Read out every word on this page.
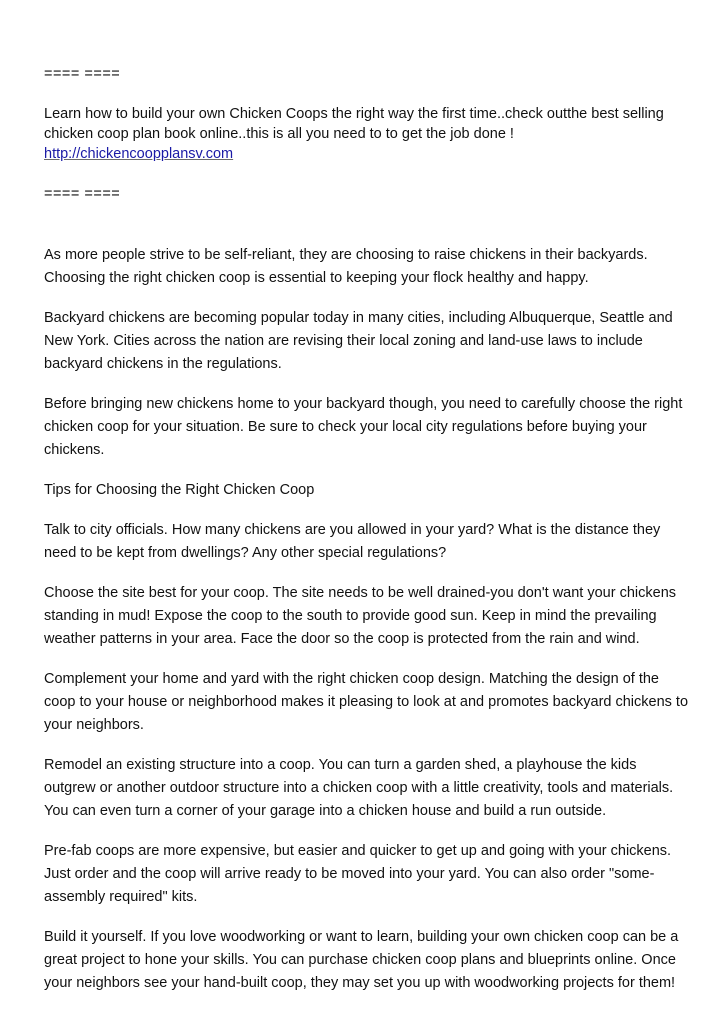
==== ====

Learn how to build your own Chicken Coops the right way the first time..check outthe best selling chicken coop plan book online..this is all you need to to get the job done !
http://chickencoopplansv.com

==== ====

As more people strive to be self-reliant, they are choosing to raise chickens in their backyards. Choosing the right chicken coop is essential to keeping your flock healthy and happy.

Backyard chickens are becoming popular today in many cities, including Albuquerque, Seattle and New York. Cities across the nation are revising their local zoning and land-use laws to include backyard chickens in the regulations.

Before bringing new chickens home to your backyard though, you need to carefully choose the right chicken coop for your situation. Be sure to check your local city regulations before buying your chickens.

Tips for Choosing the Right Chicken Coop

Talk to city officials. How many chickens are you allowed in your yard? What is the distance they need to be kept from dwellings? Any other special regulations?

Choose the site best for your coop. The site needs to be well drained-you don't want your chickens standing in mud! Expose the coop to the south to provide good sun. Keep in mind the prevailing weather patterns in your area. Face the door so the coop is protected from the rain and wind.

Complement your home and yard with the right chicken coop design. Matching the design of the coop to your house or neighborhood makes it pleasing to look at and promotes backyard chickens to your neighbors.

Remodel an existing structure into a coop. You can turn a garden shed, a playhouse the kids outgrew or another outdoor structure into a chicken coop with a little creativity, tools and materials. You can even turn a corner of your garage into a chicken house and build a run outside.

Pre-fab coops are more expensive, but easier and quicker to get up and going with your chickens. Just order and the coop will arrive ready to be moved into your yard. You can also order "some-assembly required" kits.

Build it yourself. If you love woodworking or want to learn, building your own chicken coop can be a great project to hone your skills. You can purchase chicken coop plans and blueprints online. Once your neighbors see your hand-built coop, they may set you up with woodworking projects for them!
